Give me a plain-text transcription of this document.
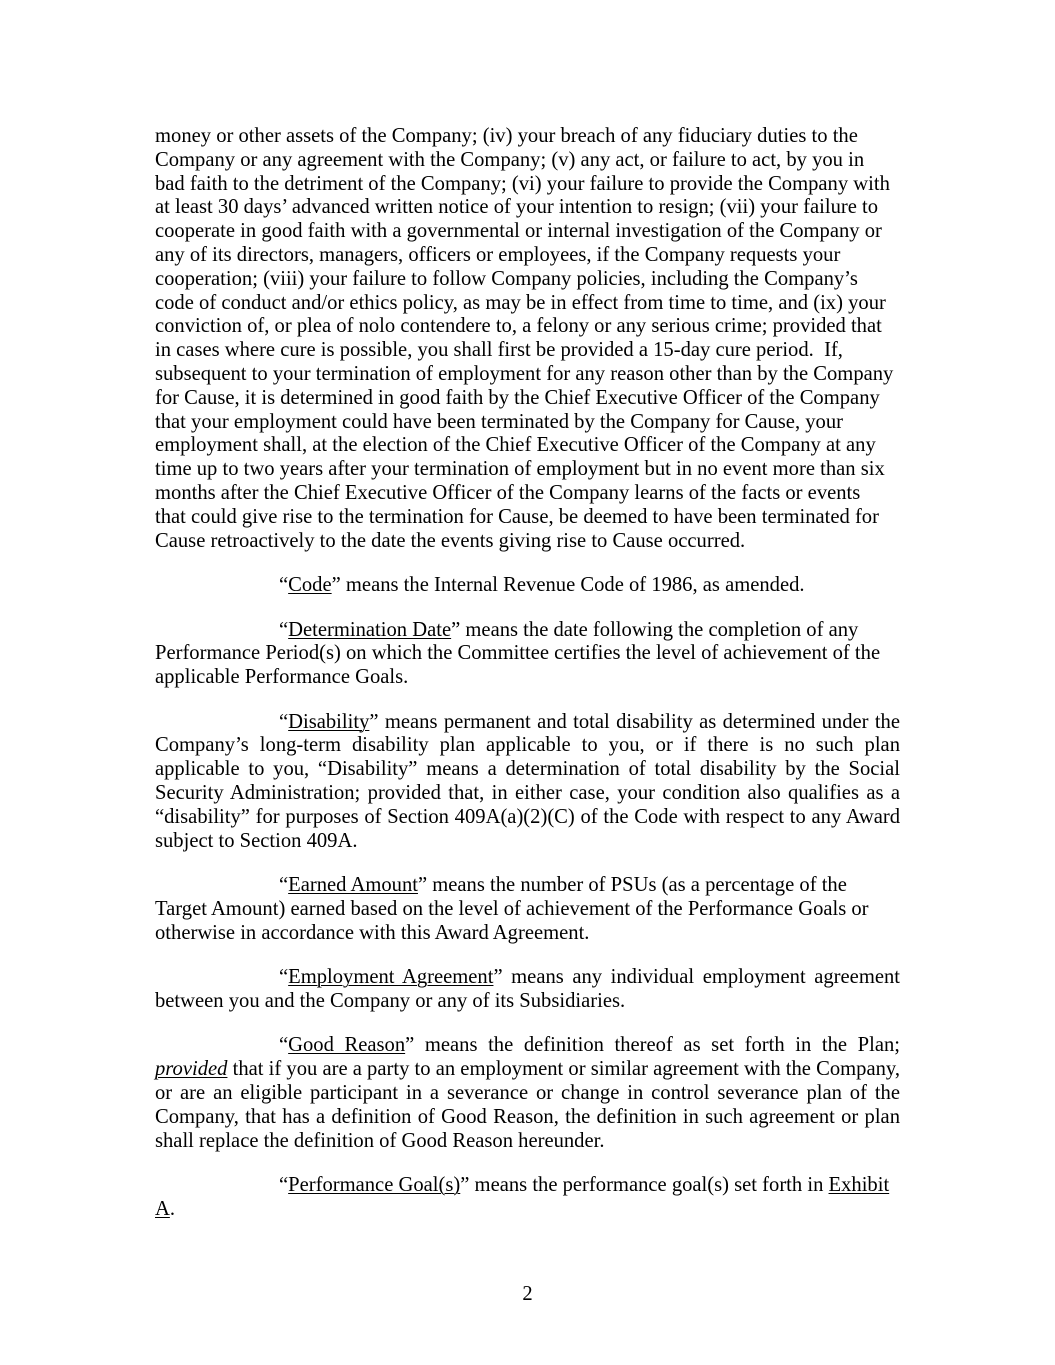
money or other assets of the Company; (iv) your breach of any fiduciary duties to the
Company or any agreement with the Company; (v) any act, or failure to act, by you in
bad faith to the detriment of the Company; (vi) your failure to provide the Company with
at least 30 days’ advanced written notice of your intention to resign; (vii) your failure to
cooperate in good faith with a governmental or internal investigation of the Company or
any of its directors, managers, officers or employees, if the Company requests your
cooperation; (viii) your failure to follow Company policies, including the Company’s
code of conduct and/or ethics policy, as may be in effect from time to time, and (ix) your
conviction of, or plea of nolo contendere to, a felony or any serious crime; provided that
in cases where cure is possible, you shall first be provided a 15-day cure period.  If,
subsequent to your termination of employment for any reason other than by the Company
for Cause, it is determined in good faith by the Chief Executive Officer of the Company
that your employment could have been terminated by the Company for Cause, your
employment shall, at the election of the Chief Executive Officer of the Company at any
time up to two years after your termination of employment but in no event more than six
months after the Chief Executive Officer of the Company learns of the facts or events
that could give rise to the termination for Cause, be deemed to have been terminated for
Cause retroactively to the date the events giving rise to Cause occurred.
“Code” means the Internal Revenue Code of 1986, as amended.
“Determination Date” means the date following the completion of any
Performance Period(s) on which the Committee certifies the level of achievement of the
applicable Performance Goals.
“Disability” means permanent and total disability as determined under the
Company’s long-term disability plan applicable to you, or if there is no such plan
applicable to you, “Disability” means a determination of total disability by the Social
Security Administration; provided that, in either case, your condition also qualifies as a
“disability” for purposes of Section 409A(a)(2)(C) of the Code with respect to any Award
subject to Section 409A.
“Earned Amount” means the number of PSUs (as a percentage of the
Target Amount) earned based on the level of achievement of the Performance Goals or
otherwise in accordance with this Award Agreement.
“Employment Agreement” means any individual employment agreement
between you and the Company or any of its Subsidiaries.
“Good Reason” means the definition thereof as set forth in the Plan;
provided that if you are a party to an employment or similar agreement with the Company,
or are an eligible participant in a severance or change in control severance plan of the
Company, that has a definition of Good Reason, the definition in such agreement or plan
shall replace the definition of Good Reason hereunder.
“Performance Goal(s)” means the performance goal(s) set forth in Exhibit
A.
2
